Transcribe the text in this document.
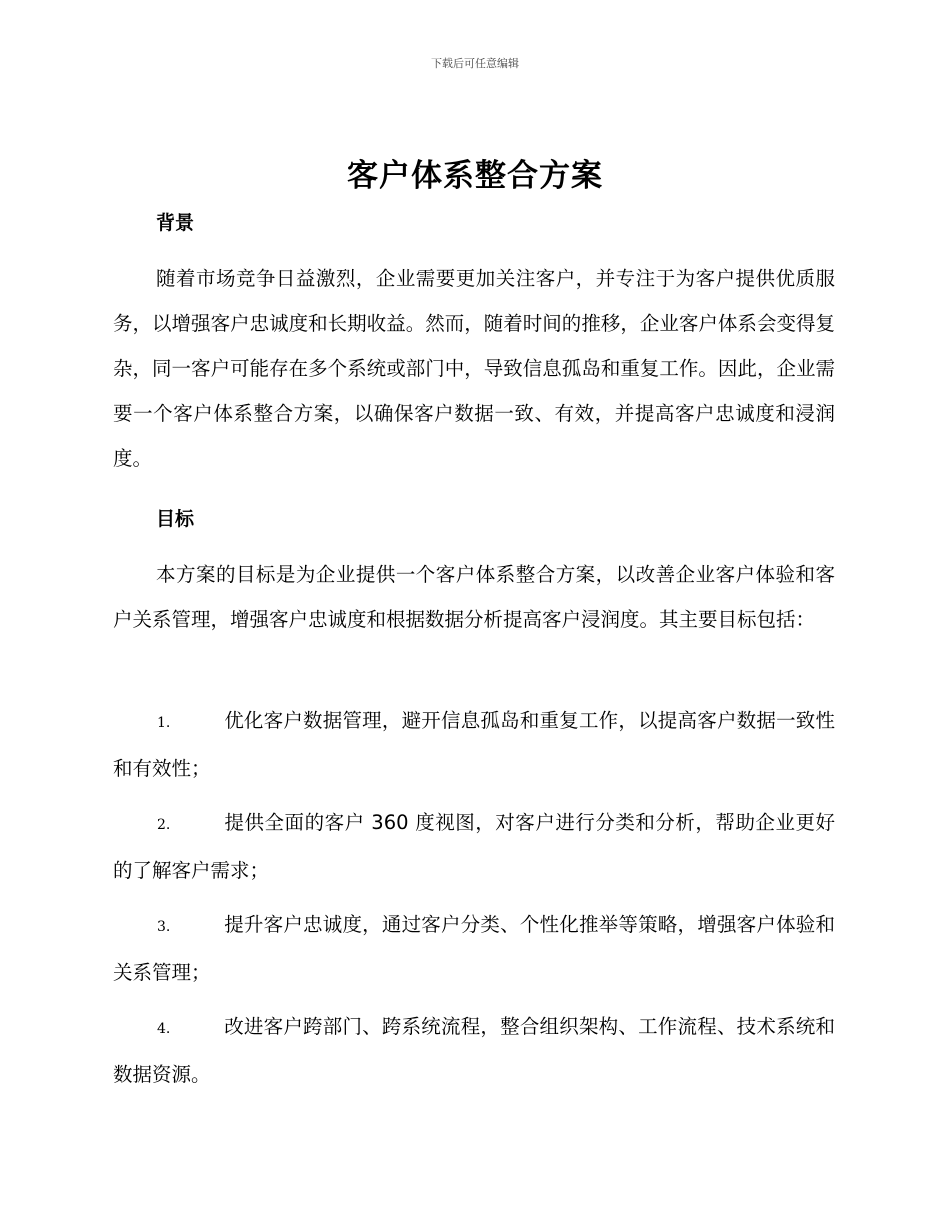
下载后可任意编辑
客户体系整合方案
背景

随着市场竞争日益激烈，企业需要更加关注客户，并专注于为客户提供优质服务，以增强客户忠诚度和长期收益。然而，随着时间的推移，企业客户体系会变得复杂，同一客户可能存在多个系统或部门中，导致信息孤岛和重复工作。因此，企业需要一个客户体系整合方案，以确保客户数据一致、有效，并提高客户忠诚度和浸润度。

目标

本方案的目标是为企业提供一个客户体系整合方案，以改善企业客户体验和客户关系管理，增强客户忠诚度和根据数据分析提高客户浸润度。其主要目标包括：

1.	优化客户数据管理，避开信息孤岛和重复工作，以提高客户数据一致性和有效性；

2.	提供全面的客户 360 度视图，对客户进行分类和分析，帮助企业更好的了解客户需求；

3.	提升客户忠诚度，通过客户分类、个性化推举等策略，增强客户体验和关系管理；

4.	改进客户跨部门、跨系统流程，整合组织架构、工作流程、技术系统和数据资源。
